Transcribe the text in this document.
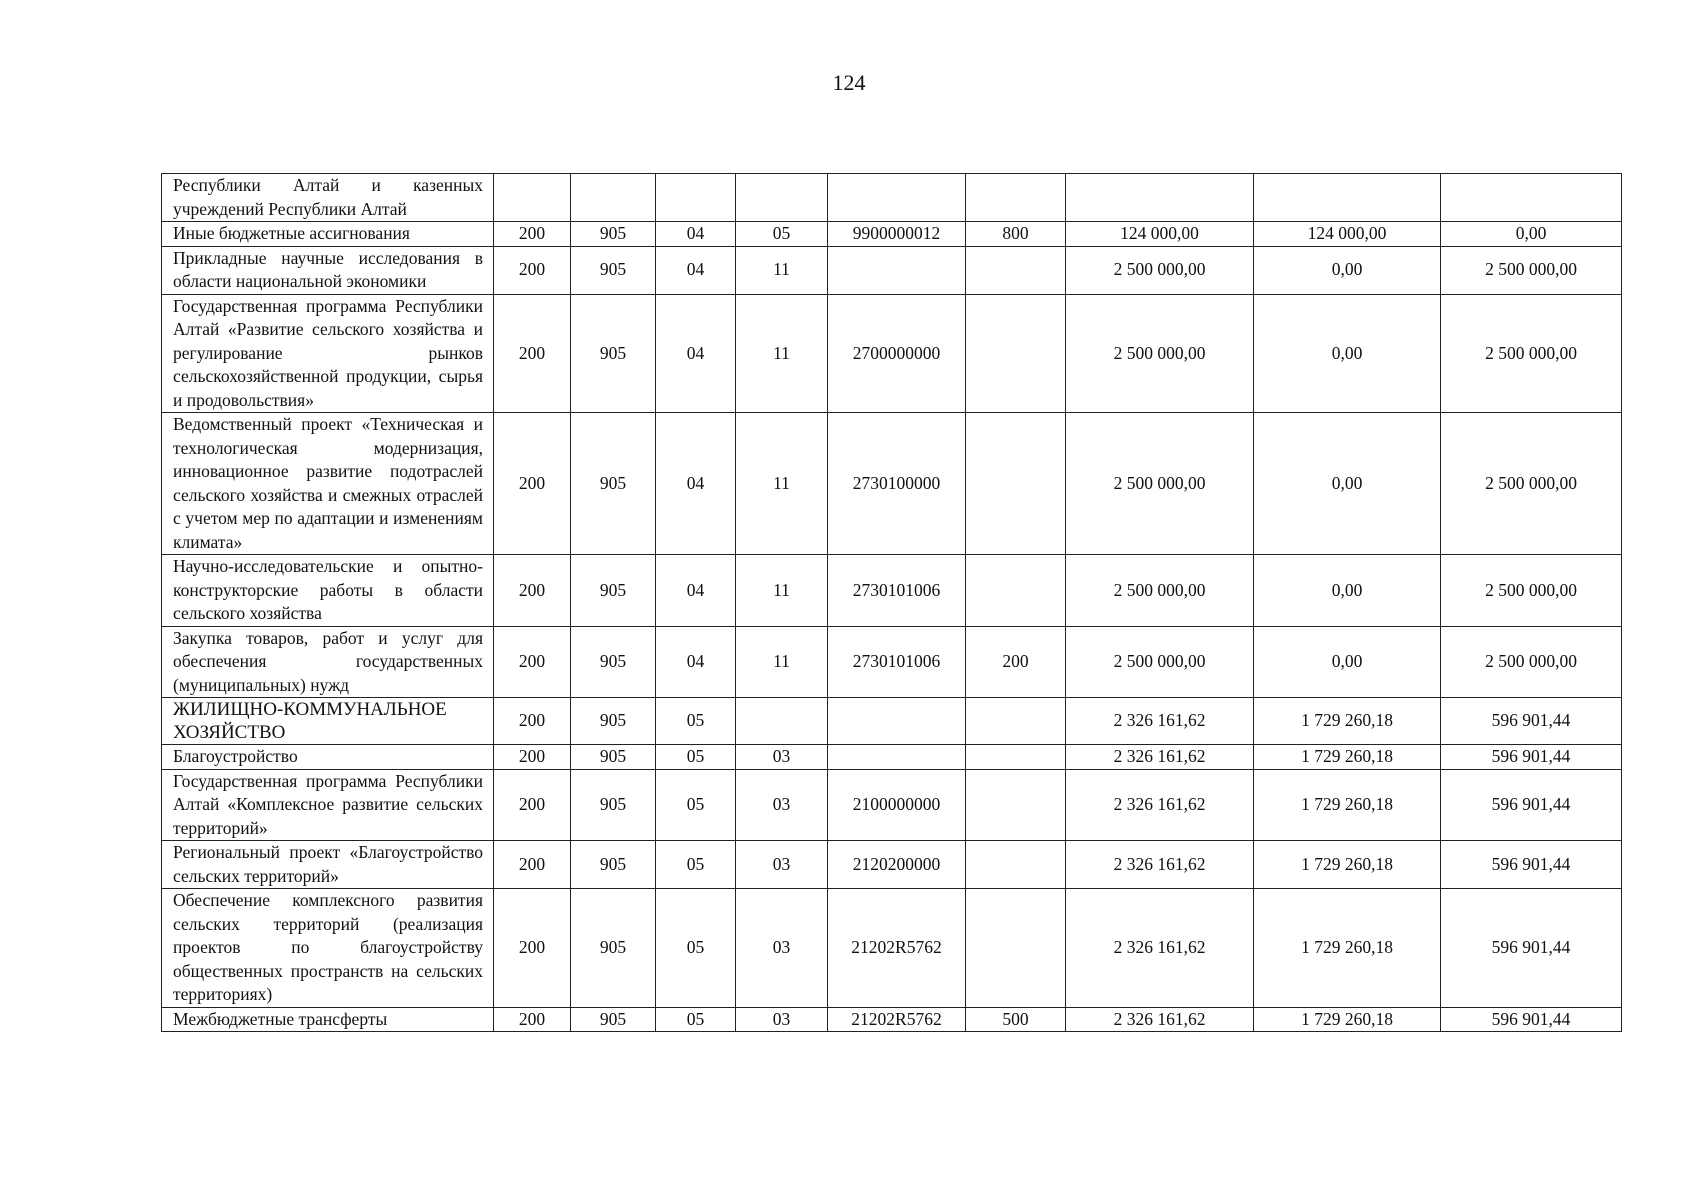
124
Республики Алтай и казенных учреждений Республики Алтай									
Иные бюджетные ассигнования	200	905	04	05	9900000012	800	124 000,00	124 000,00	0,00
Прикладные научные исследования в области национальной экономики	200	905	04	11			2 500 000,00	0,00	2 500 000,00
Государственная программа Республики Алтай «Развитие сельского хозяйства и регулирование рынков сельскохозяйственной продукции, сырья и продовольствия»	200	905	04	11	2700000000		2 500 000,00	0,00	2 500 000,00
Ведомственный проект «Техническая и технологическая модернизация, инновационное развитие подотраслей сельского хозяйства и смежных отраслей с учетом мер по адаптации и изменениям климата»	200	905	04	11	2730100000		2 500 000,00	0,00	2 500 000,00
Научно-исследовательские и опытно-конструкторские работы в области сельского хозяйства	200	905	04	11	2730101006		2 500 000,00	0,00	2 500 000,00
Закупка товаров, работ и услуг для обеспечения государственных (муниципальных) нужд	200	905	04	11	2730101006	200	2 500 000,00	0,00	2 500 000,00
ЖИЛИЩНО-КОММУНАЛЬНОЕ ХОЗЯЙСТВО	200	905	05				2 326 161,62	1 729 260,18	596 901,44
Благоустройство	200	905	05	03			2 326 161,62	1 729 260,18	596 901,44
Государственная программа Республики Алтай «Комплексное развитие сельских территорий»	200	905	05	03	2100000000		2 326 161,62	1 729 260,18	596 901,44
Региональный проект «Благоустройство сельских территорий»	200	905	05	03	2120200000		2 326 161,62	1 729 260,18	596 901,44
Обеспечение комплексного развития сельских территорий (реализация проектов по благоустройству общественных пространств на сельских территориях)	200	905	05	03	21202R5762		2 326 161,62	1 729 260,18	596 901,44
Межбюджетные трансферты	200	905	05	03	21202R5762	500	2 326 161,62	1 729 260,18	596 901,44
